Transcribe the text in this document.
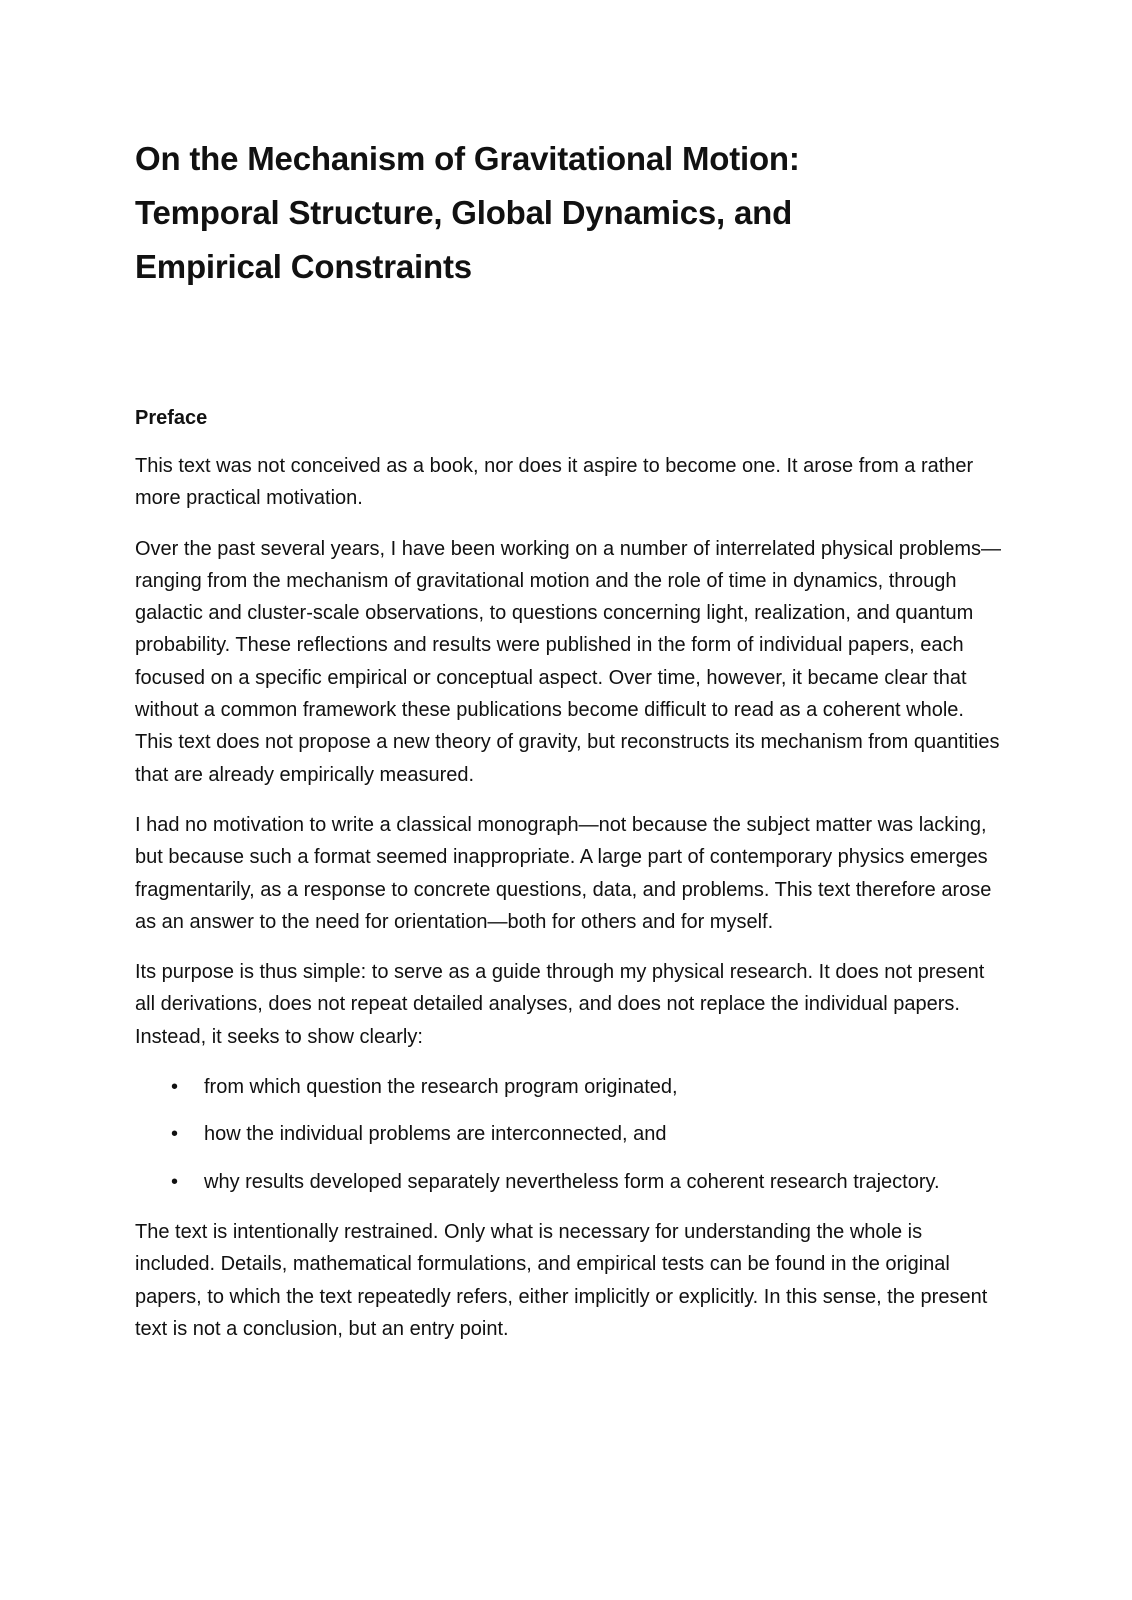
On the Mechanism of Gravitational Motion:
Temporal Structure, Global Dynamics, and
Empirical Constraints
Preface

This text was not conceived as a book, nor does it aspire to become one. It arose from a rather more practical motivation.

Over the past several years, I have been working on a number of interrelated physical problems—ranging from the mechanism of gravitational motion and the role of time in dynamics, through galactic and cluster-scale observations, to questions concerning light, realization, and quantum probability. These reflections and results were published in the form of individual papers, each focused on a specific empirical or conceptual aspect. Over time, however, it became clear that without a common framework these publications become difficult to read as a coherent whole. This text does not propose a new theory of gravity, but reconstructs its mechanism from quantities that are already empirically measured.

I had no motivation to write a classical monograph—not because the subject matter was lacking, but because such a format seemed inappropriate. A large part of contemporary physics emerges fragmentarily, as a response to concrete questions, data, and problems. This text therefore arose as an answer to the need for orientation—both for others and for myself.

Its purpose is thus simple: to serve as a guide through my physical research. It does not present all derivations, does not repeat detailed analyses, and does not replace the individual papers. Instead, it seeks to show clearly:

• from which question the research program originated,
• how the individual problems are interconnected, and
• why results developed separately nevertheless form a coherent research trajectory.

The text is intentionally restrained. Only what is necessary for understanding the whole is included. Details, mathematical formulations, and empirical tests can be found in the original papers, to which the text repeatedly refers, either implicitly or explicitly. In this sense, the present text is not a conclusion, but an entry point.
